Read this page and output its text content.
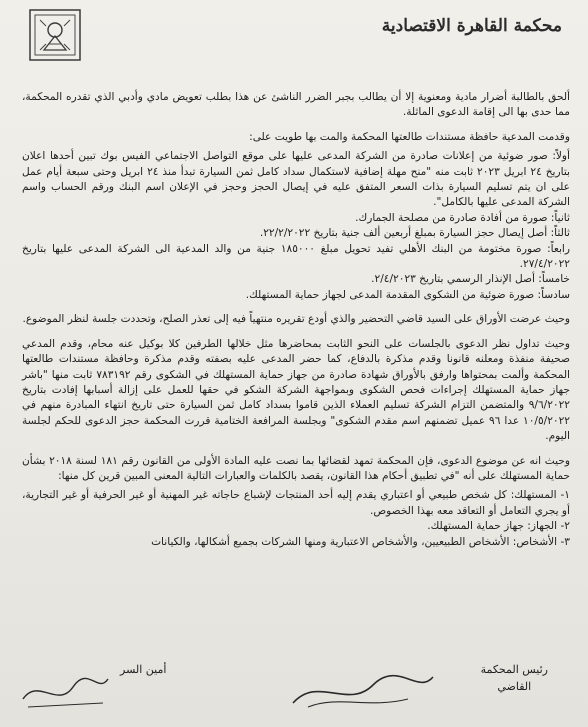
محكمة القاهرة الاقتصادية

ألحق بالطالبة أضرار مادية ومعنوية إلا أن يطالب بجبر الضرر الناشئ عن هذا بطلب تعويض مادي وأدبي الذي تقدره المحكمة، مما حدى بها الى إقامة الدعوى الماثلة.

وقدمت المدعية حافظة مستندات طالعتها المحكمة والمت بها طويت على:

أولاً: صور ضوئية من إعلانات صادرة من الشركة المدعى عليها على موقع التواصل الاجتماعي الفيس بوك تبين أحدها اعلان بتاريخ ٢٤ ابريل ٢٠٢٣ ثابت منه "منح مهلة إضافية لاستكمال سداد كامل ثمن السيارة تبدأ منذ ٢٤ ابريل وحتى سبعة أيام عمل على ان يتم تسليم السيارة بذات السعر المتفق عليه في إيصال الحجز وحجز في الإعلان اسم البنك ورقم الحساب واسم الشركة المدعى عليها بالكامل".

ثانياً: صورة من أفادة صادرة من مصلحة الجمارك.

ثالثاً: أصل إيصال حجز السيارة بمبلغ أربعين ألف جنية بتاريخ ٢٢/٢/٢٠٢٢.

رابعاً: صورة مختومة من البنك الأهلي تفيد تحويل مبلغ ١٨٥٠٠٠ جنية من والد المدعية الى الشركة المدعى عليها بتاريخ ٢٧/٤/٢٠٢٢.

خامساً: أصل الإنذار الرسمي بتاريخ ٢/٤/٢٠٢٣.

سادساً: صورة ضوئية من الشكوى المقدمة المدعى لجهاز حماية المستهلك.

وحيث عرضت الأوراق على السيد قاضي التحضير والذي أودع تقريره منتهياً فيه إلى تعذر الصلح، وتحددت جلسة لنظر الموضوع.

وحيث تداول نظر الدعوى بالجلسات على النحو الثابت بمحاضرها مثل خلالها الطرفين كلا بوكيل عنه محام، وقدم المدعي صحيفة منفذة ومعلنه قانونا وقدم مذكرة بالدفاع، كما حضر المدعى عليه بصفته وقدم مذكرة وحافظة مستندات طالعتها المحكمة وألمت بمحتواها وارفق بالأوراق شهادة صادرة من جهاز حماية المستهلك في الشكوى رقم ٧٨٣١٩٢ ثابت منها "باشر جهاز حماية المستهلك إجراءات فحص الشكوى وبمواجهة الشركة الشكو في حقها للعمل على إزالة أسبابها إفادت بتاريخ ٩/٦/٢٠٢٢ والمتضمن التزام الشركة تسليم العملاء الذين قاموا بسداد كامل ثمن السيارة حتى تاريخ انتهاء المبادرة منهم في ١٠/٥/٢٠٢٢ عدا ٩٦ عميل تضمنهم اسم مقدم الشكوى" وبجلسة المرافعة الختامية قررت المحكمة حجز الدعوى للحكم لجلسة اليوم.

وحيث انه عن موضوع الدعوى، فإن المحكمة تمهد لقضائها بما نصت عليه المادة الأولى من القانون رقم ١٨١ لسنة ٢٠١٨ بشأن حماية المستهلك على أنه "في تطبيق أحكام هذا القانون، يقصد بالكلمات والعبارات التالية المعنى المبين قرين كل منها:

١- المستهلك: كل شخص طبيعي أو اعتباري يقدم إليه أحد المنتجات لإشباع حاجاته غير المهنية أو غير الحرفية أو غير التجارية، أو يجري التعامل أو التعاقد معه بهذا الخصوص.

٢- الجهاز: جهاز حماية المستهلك.

٣- الأشخاص: الأشخاص الطبيعيين، والأشخاص الاعتبارية ومنها الشركات بجميع أشكالها، والكيانات

رئيس المحكمة
القاضي
أمين السر
